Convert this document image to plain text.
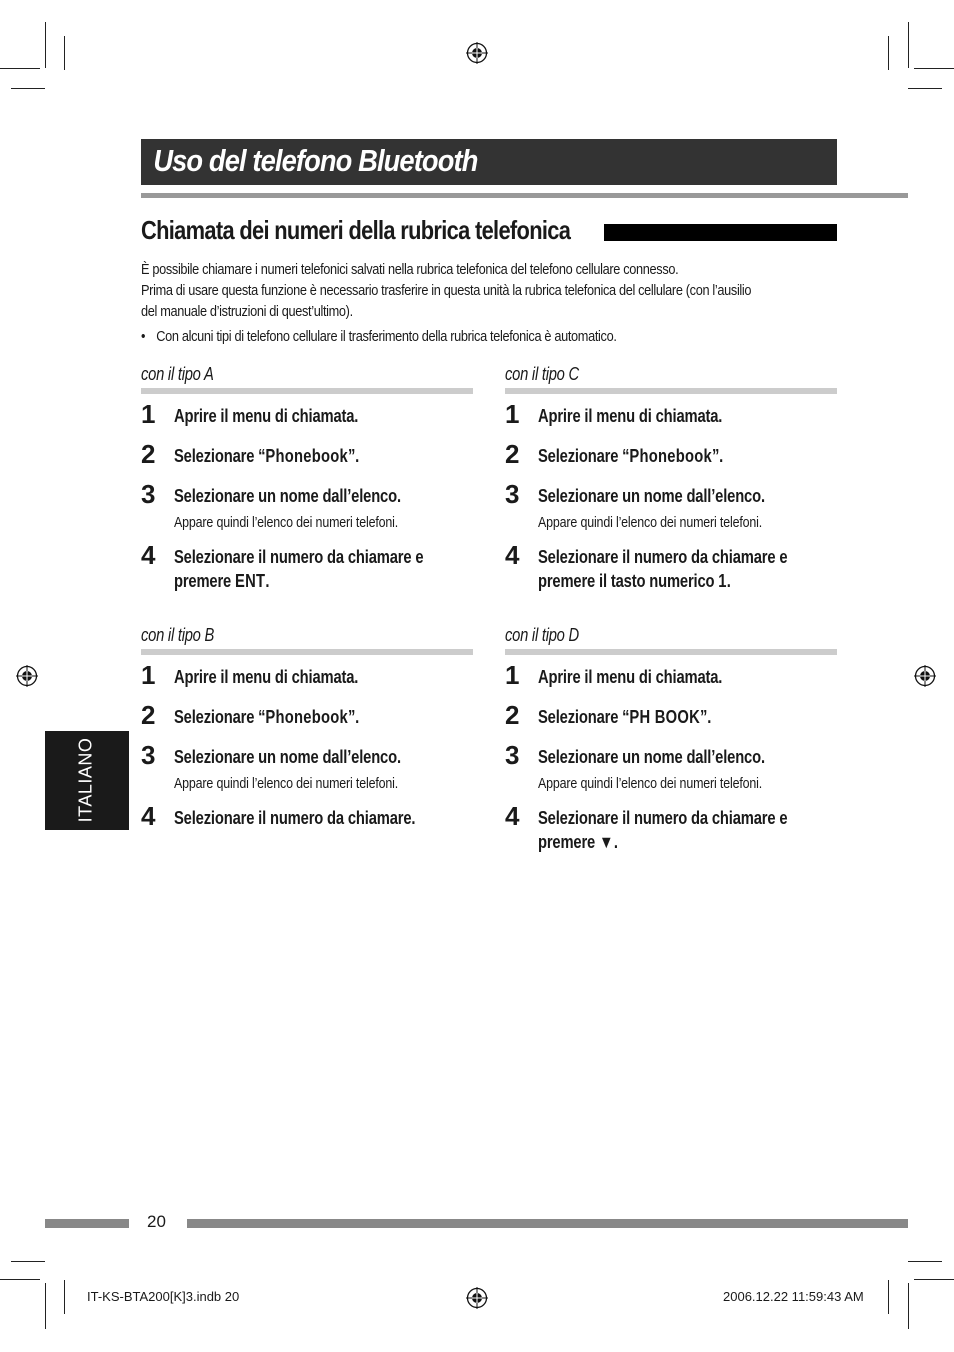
Uso del telefono Bluetooth
Chiamata dei numeri della rubrica telefonica

È possibile chiamare i numeri telefonici salvati nella rubrica telefonica del telefono cellulare connesso.

Prima di usare questa funzione è necessario trasferire in questa unità la rubrica telefonica del cellulare (con l’ausilio

del manuale d’istruzioni di quest’ultimo).

• Con alcuni tipi di telefono cellulare il trasferimento della rubrica telefonica è automatico.

con il tipo A
1 Aprire il menu di chiamata.
2 Selezionare “Phonebook”.
3 Selezionare un nome dall’elenco.
Appare quindi l’elenco dei numeri telefoni.
4 Selezionare il numero da chiamare e
premere ENT.
con il tipo C
1 Aprire il menu di chiamata.
2 Selezionare “Phonebook”.
3 Selezionare un nome dall’elenco.
Appare quindi l’elenco dei numeri telefoni.
4 Selezionare il numero da chiamare e
premere il tasto numerico 1.
con il tipo B
1 Aprire il menu di chiamata.
2 Selezionare “Phonebook”.
3 Selezionare un nome dall’elenco.
Appare quindi l’elenco dei numeri telefoni.
4 Selezionare il numero da chiamare.
con il tipo D
1 Aprire il menu di chiamata.
2 Selezionare “PH BOOK”.
3 Selezionare un nome dall’elenco.
Appare quindi l’elenco dei numeri telefoni.
4 Selezionare il numero da chiamare e
premere ▼.
ITALIANO
20
IT-KS-BTA200[K]3.indb 20	2006.12.22 11:59:43 AM
